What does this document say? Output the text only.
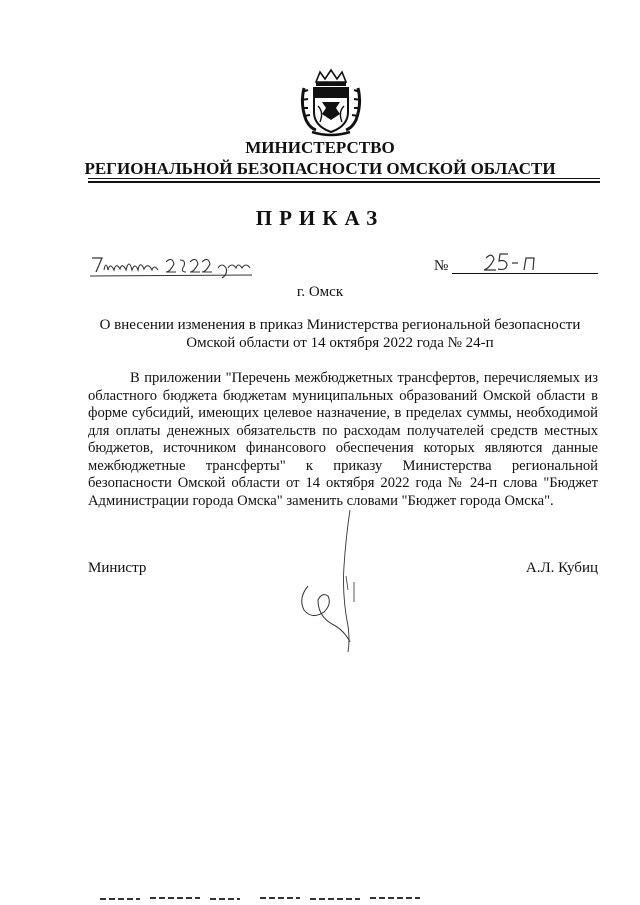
МИНИСТЕРСТВО
РЕГИОНАЛЬНОЙ БЕЗОПАСНОСТИ ОМСКОЙ ОБЛАСТИ
ПРИКАЗ
№
г. Омск
О внесении изменения в приказ Министерства региональной безопасности Омской области от 14 октября 2022 года № 24-п

В приложении "Перечень межбюджетных трансфертов, перечисляемых из областного бюджета бюджетам муниципальных образований Омской области в форме субсидий, имеющих целевое назначение, в пределах суммы, необходимой для оплаты денежных обязательств по расходам получателей средств местных бюджетов, источником финансового обеспечения которых являются данные межбюджетные трансферты" к приказу Министерства региональной безопасности Омской области от 14 октября 2022 года № 24-п слова "Бюджет Администрации города Омска" заменить словами "Бюджет города Омска".

Министр	А.Л. Кубиц
